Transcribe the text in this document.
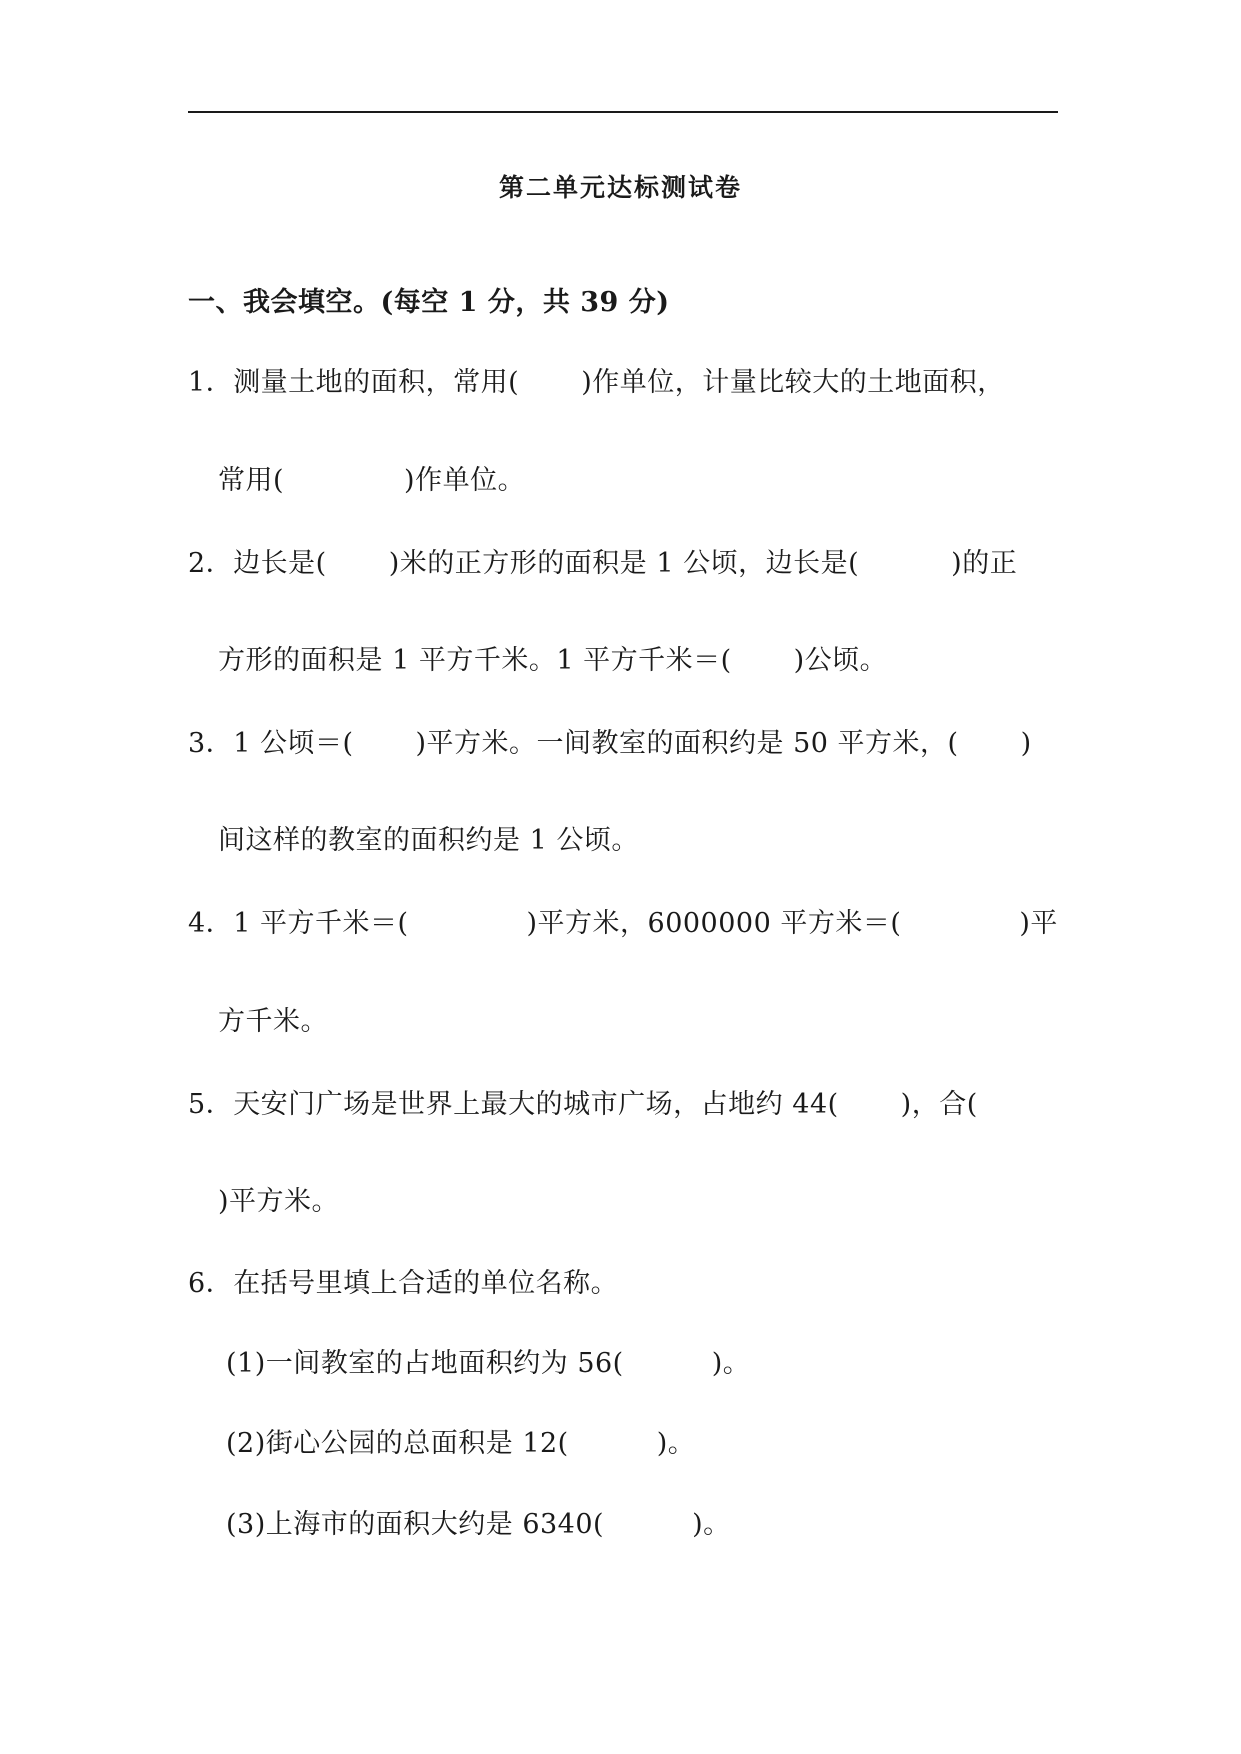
第二单元达标测试卷
一、我会填空。(每空 1 分，共 39 分)
1．测量土地的面积，常用( )作单位，计量比较大的土地面积，
常用(	)作单位。
2．边长是( )米的正方形的面积是 1 公顷，边长是(	)的正
方形的面积是 1 平方千米。1 平方千米＝( )公顷。
3．1 公顷＝( )平方米。一间教室的面积约是 50 平方米，( )
间这样的教室的面积约是 1 公顷。
4．1 平方千米＝(	)平方米，6000000 平方米＝(	)平
方千米。
5．天安门广场是世界上最大的城市广场，占地约 44( )，合(
)平方米。
6．在括号里填上合适的单位名称。
(1)一间教室的占地面积约为 56(	)。
(2)街心公园的总面积是 12(	)。
(3)上海市的面积大约是 6340(	)。
